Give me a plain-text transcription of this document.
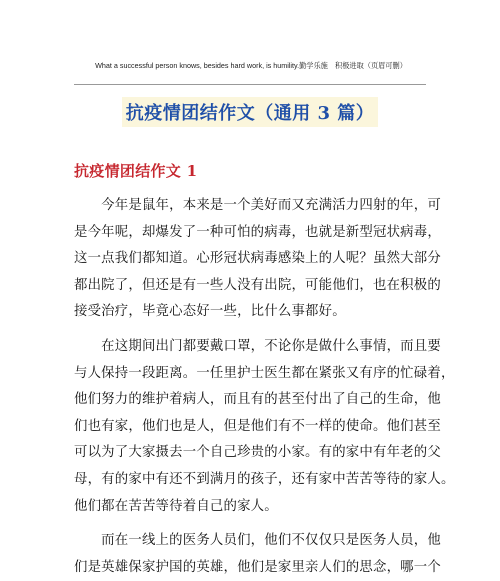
What a successful person knows, besides hard work, is humility.勤学乐施　积极进取（页眉可删）
抗疫情团结作文（通用 3 篇）
抗疫情团结作文 1
　　今年是鼠年，本来是一个美好而又充满活力四射的年，可
是今年呢，却爆发了一种可怕的病毒，也就是新型冠状病毒，
这一点我们都知道。心形冠状病毒感染上的人呢？虽然大部分
都出院了，但还是有一些人没有出院，可能他们，也在积极的
接受治疗，毕竟心态好一些，比什么事都好。
　　在这期间出门都要戴口罩，不论你是做什么事情，而且要
与人保持一段距离。一任里护士医生都在紧张又有序的忙碌着，
他们努力的维护着病人，而且有的甚至付出了自己的生命，他
们也有家，他们也是人，但是他们有不一样的使命。他们甚至
可以为了大家摄去一个自己珍贵的小家。有的家中有年老的父
母，有的家中有还不到满月的孩子，还有家中苦苦等待的家人。
他们都在苦苦等待着自己的家人。
　　而在一线上的医务人员们，他们不仅仅只是医务人员，他
们是英雄保家护国的英雄，他们是家里亲人们的思念，哪一个
